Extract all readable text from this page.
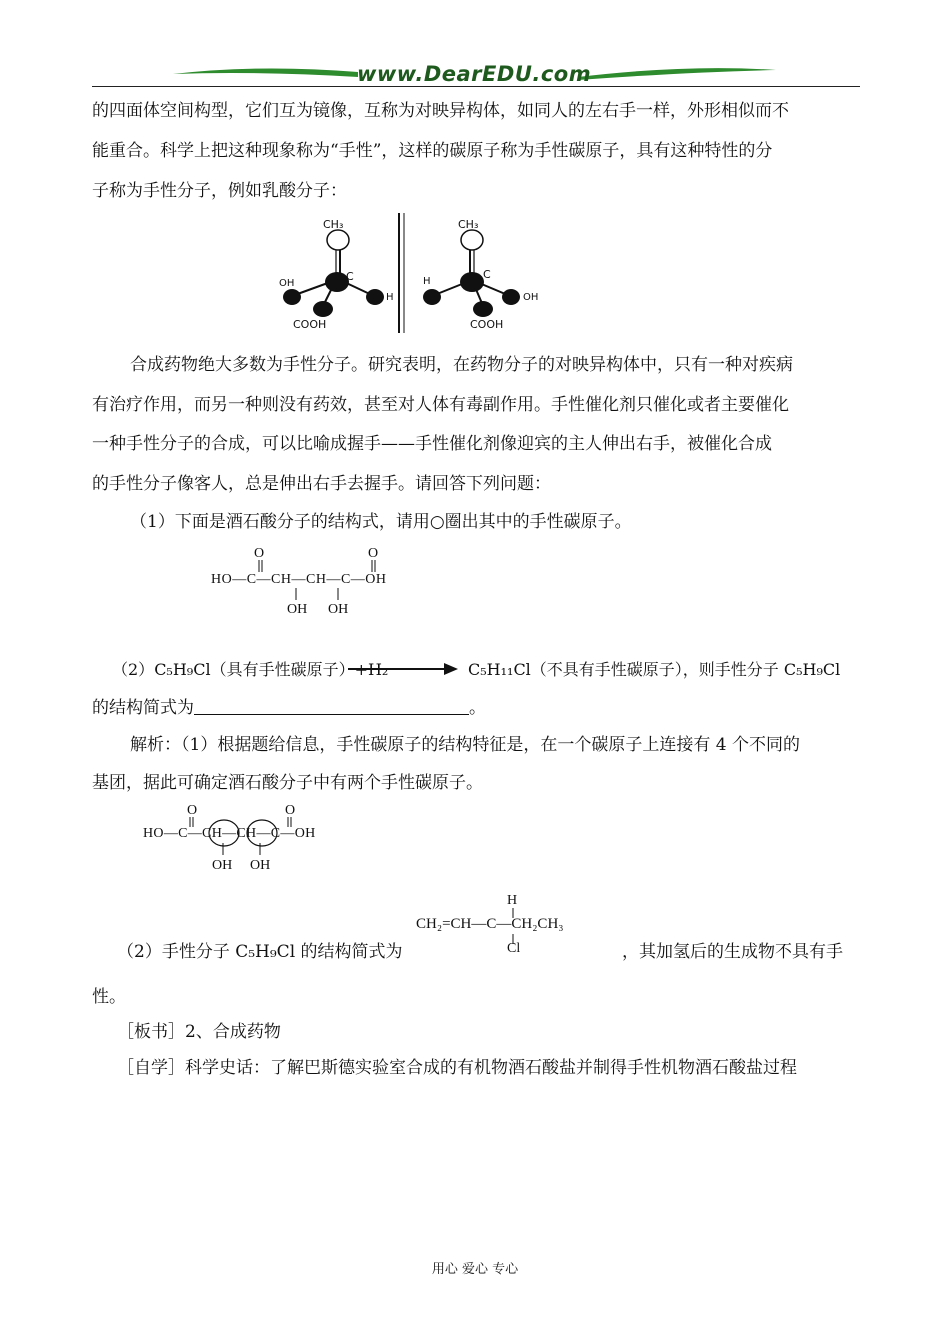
www.DearEDU.com
的四面体空间构型，它们互为镜像，互称为对映异构体，如同人的左右手一样，外形相似而不
能重合。科学上把这种现象称为“手性”，这样的碳原子称为手性碳原子，具有这种特性的分
子称为手性分子，例如乳酸分子：
CH₃
C
OH
H
COOH
CH₃
C
H
OH
COOH
合成药物绝大多数为手性分子。研究表明，在药物分子的对映异构体中，只有一种对疾病
有治疗作用，而另一种则没有药效，甚至对人体有毒副作用。手性催化剂只催化或者主要催化
一种手性分子的合成，可以比喻成握手——手性催化剂像迎宾的主人伸出右手，被催化合成
的手性分子像客人，总是伸出右手去握手。请回答下列问题：
（1）下面是酒石酸分子的结构式，请用○圈出其中的手性碳原子。
O	O
HO—C—CH—CH—C—OH
OH OH
（2）C₅H₉Cl（具有手性碳原子）+H₂	C₅H₁₁Cl（不具有手性碳原子），则手性分子 C₅H₉Cl
的结构简式为	。
解析：（1）根据题给信息，手性碳原子的结构特征是，在一个碳原子上连接有 4 个不同的
基团，据此可确定酒石酸分子中有两个手性碳原子。
O	O
HO—C—CH—CH—C—OH
OH OH
H
CH₂=CH—C—CH₂CH₃
Cl
（2）手性分子 C₅H₉Cl 的结构简式为	，其加氢后的生成物不具有手
性。
［板书］2、合成药物
［自学］科学史话：了解巴斯德实验室合成的有机物酒石酸盐并制得手性机物酒石酸盐过程
用心 爱心 专心
